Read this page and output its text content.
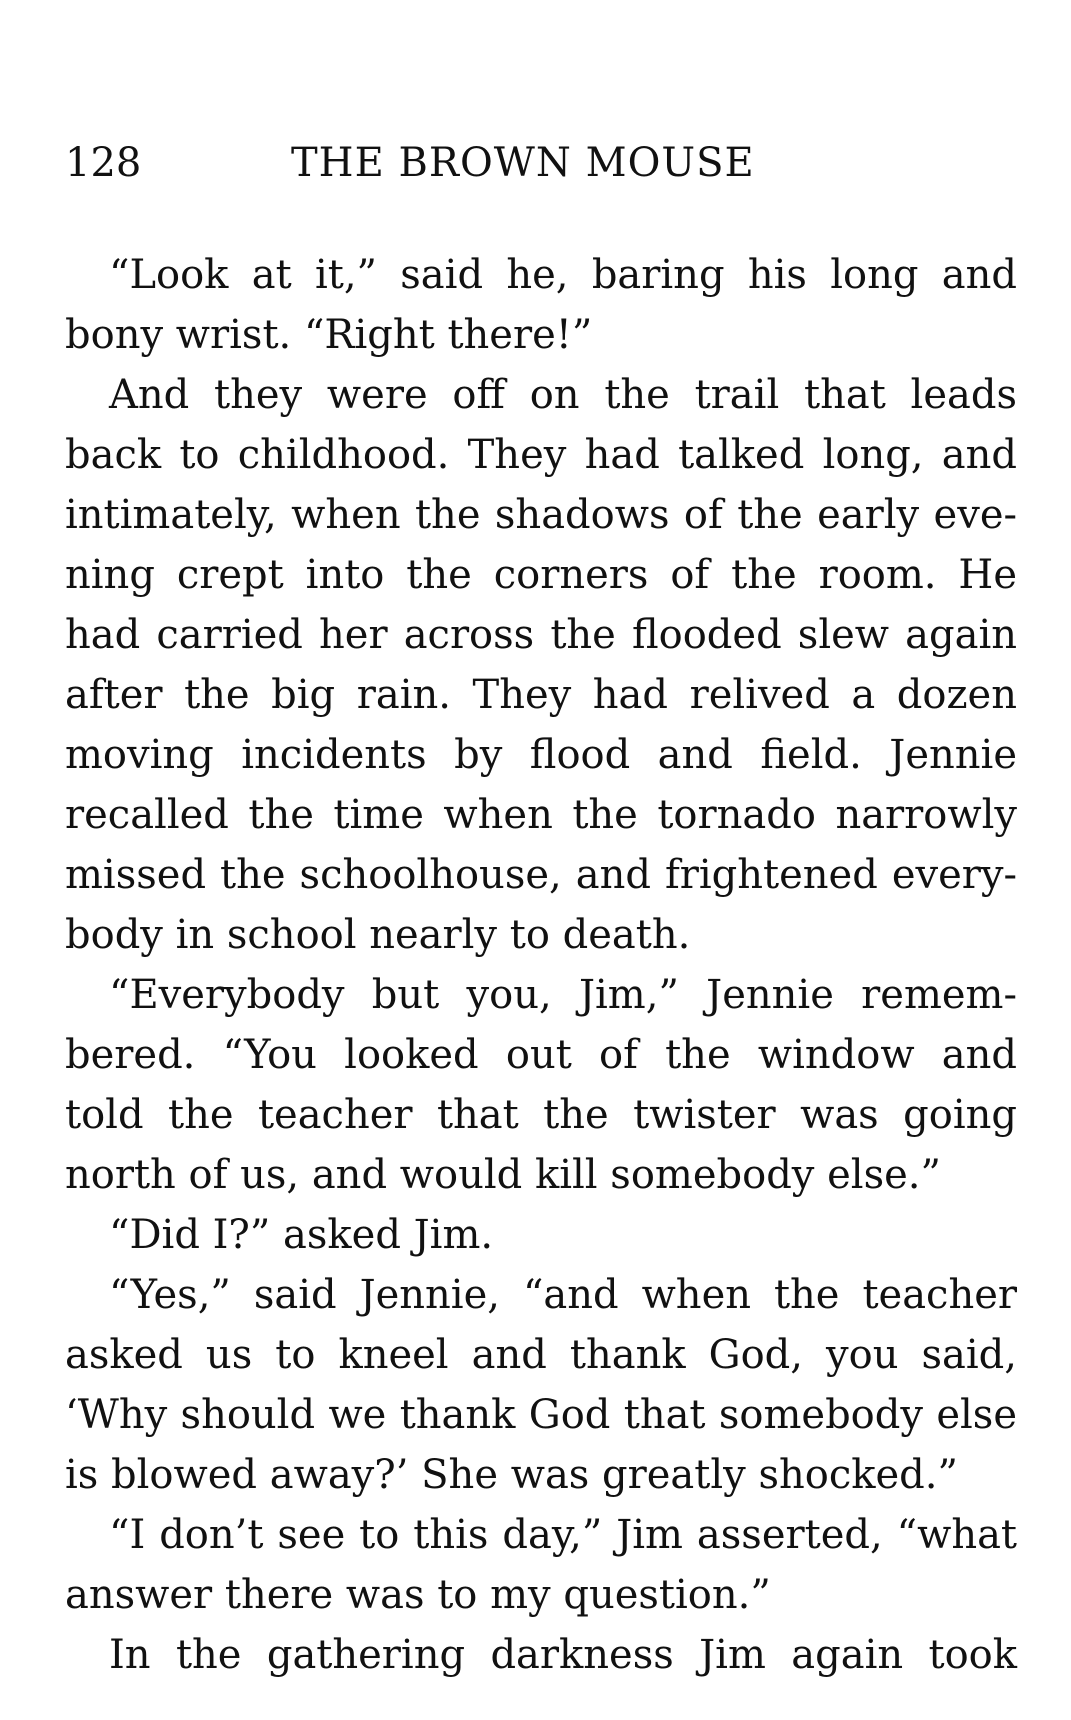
128	THE BROWN MOUSE
“Look at it,” said he, baring his long and
bony wrist. “Right there!”
And they were off on the trail that leads
back to childhood. They had talked long, and
intimately, when the shadows of the early eve-
ning crept into the corners of the room. He
had carried her across the flooded slew again
after the big rain. They had relived a dozen
moving incidents by flood and field. Jennie
recalled the time when the tornado narrowly
missed the schoolhouse, and frightened every-
body in school nearly to death.
“Everybody but you, Jim,” Jennie remem-
bered. “You looked out of the window and
told the teacher that the twister was going
north of us, and would kill somebody else.”
“Did I?” asked Jim.
“Yes,” said Jennie, “and when the teacher
asked us to kneel and thank God, you said,
‘Why should we thank God that somebody else
is blowed away?’ She was greatly shocked.”
“I don’t see to this day,” Jim asserted, “what
answer there was to my question.”
In the gathering darkness Jim again took
